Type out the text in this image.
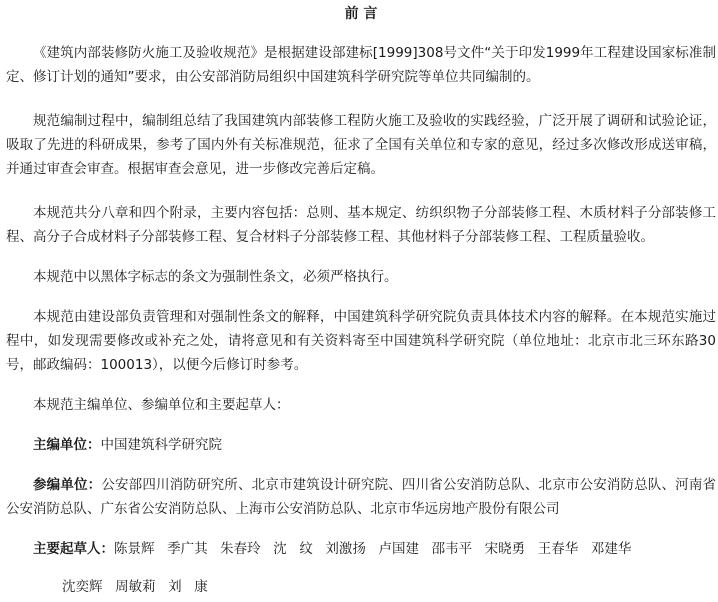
前 言

《建筑内部装修防火施工及验收规范》是根据建设部建标[1999]308号文件“关于印发1999年工程建设国家标准制定、修订计划的通知”要求，由公安部消防局组织中国建筑科学研究院等单位共同编制的。

规范编制过程中，编制组总结了我国建筑内部装修工程防火施工及验收的实践经验，广泛开展了调研和试验论证，吸取了先进的科研成果，参考了国内外有关标准规范，征求了全国有关单位和专家的意见，经过多次修改形成送审稿，并通过审查会审查。根据审查会意见，进一步修改完善后定稿。

本规范共分八章和四个附录，主要内容包括：总则、基本规定、纺织织物子分部装修工程、木质材料子分部装修工程、高分子合成材料子分部装修工程、复合材料子分部装修工程、其他材料子分部装修工程、工程质量验收。

本规范中以黑体字标志的条文为强制性条文，必须严格执行。

本规范由建设部负责管理和对强制性条文的解释，中国建筑科学研究院负责具体技术内容的解释。在本规范实施过程中，如发现需要修改或补充之处，请将意见和有关资料寄至中国建筑科学研究院（单位地址：北京市北三环东路30号，邮政编码：100013），以便今后修订时参考。

本规范主编单位、参编单位和主要起草人：

主编单位：中国建筑科学研究院

参编单位：公安部四川消防研究所、北京市建筑设计研究院、四川省公安消防总队、北京市公安消防总队、河南省公安消防总队、广东省公安消防总队、上海市公安消防总队、北京市华远房地产股份有限公司

主要起草人：陈景辉  季广其  朱春玲  沈  纹  刘激扬  卢国建  邵韦平  宋晓勇  王春华  邓建华

沈奕辉  周敏莉  刘  康
